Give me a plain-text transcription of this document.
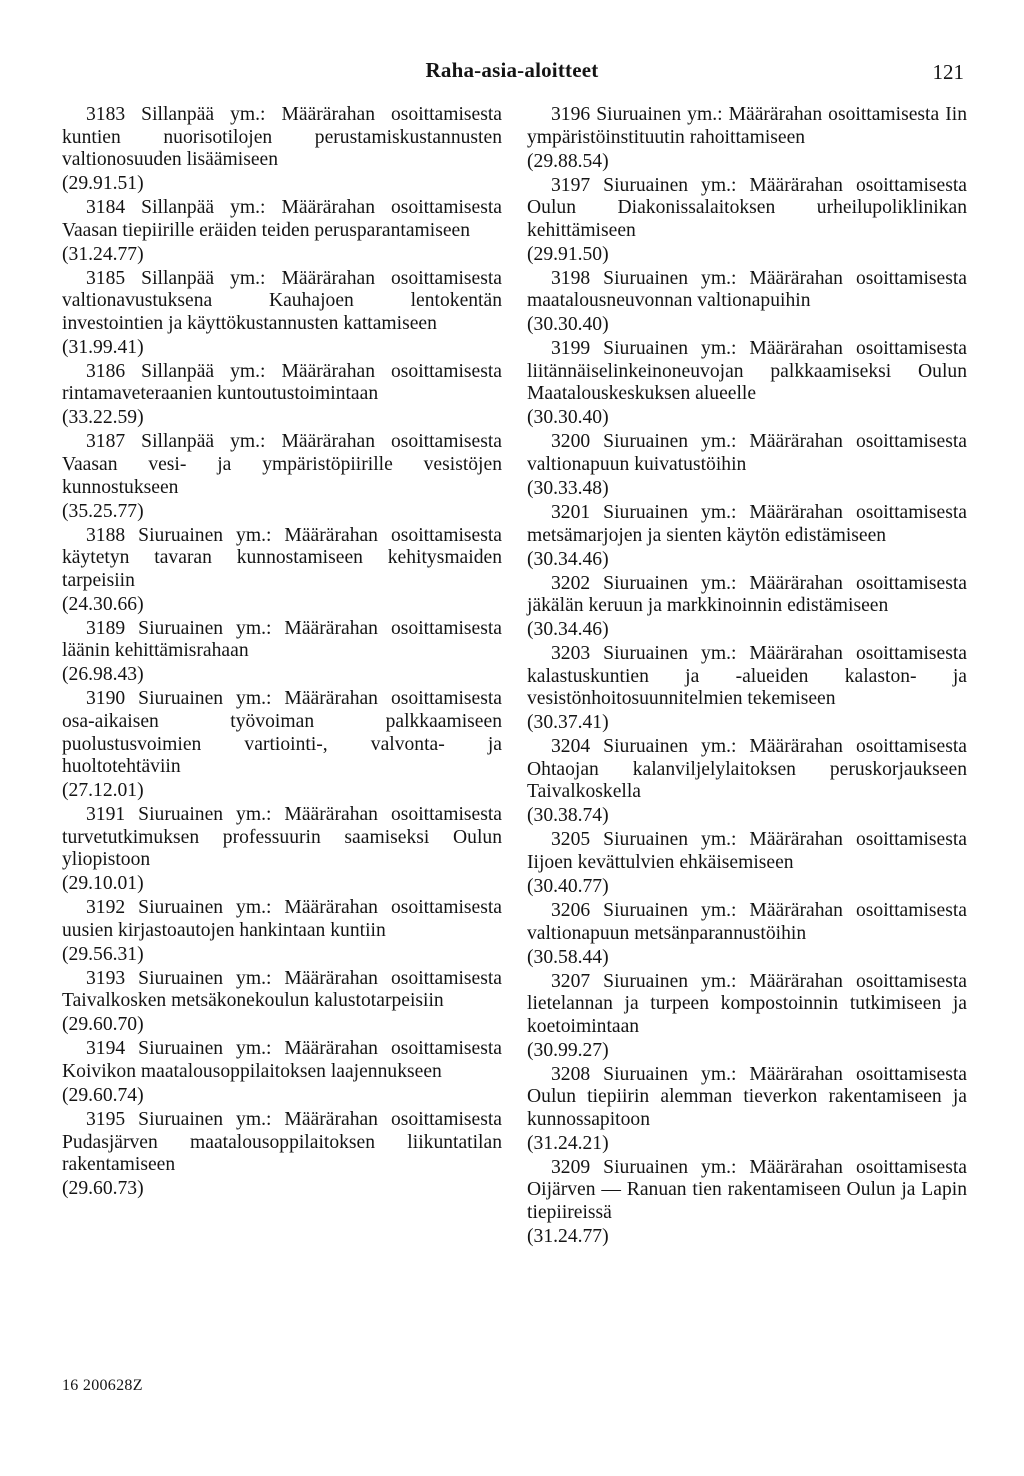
Raha-asia-aloitteet	121

3183 Sillanpää ym.: Määrärahan osoittamisesta kuntien nuorisotilojen perustamiskustannusten valtionosuuden lisäämiseen

(29.91.51)

3184 Sillanpää ym.: Määrärahan osoittamisesta Vaasan tiepiirille eräiden teiden perusparantamiseen

(31.24.77)

3185 Sillanpää ym.: Määrärahan osoittamisesta valtionavustuksena Kauhajoen lentokentän investointien ja käyttökustannusten kattamiseen

(31.99.41)

3186 Sillanpää ym.: Määrärahan osoittamisesta rintamaveteraanien kuntoutustoimintaan

(33.22.59)

3187 Sillanpää ym.: Määrärahan osoittamisesta Vaasan vesi- ja ympäristöpiirille vesistöjen kunnostukseen

(35.25.77)

3188 Siuruainen ym.: Määrärahan osoittamisesta käytetyn tavaran kunnostamiseen kehitysmaiden tarpeisiin

(24.30.66)

3189 Siuruainen ym.: Määrärahan osoittamisesta läänin kehittämisrahaan

(26.98.43)

3190 Siuruainen ym.: Määrärahan osoittamisesta osa-aikaisen työvoiman palkkaamiseen puolustusvoimien vartiointi-, valvonta- ja huoltotehtäviin

(27.12.01)

3191 Siuruainen ym.: Määrärahan osoittamisesta turvetutkimuksen professuurin saamiseksi Oulun yliopistoon

(29.10.01)

3192 Siuruainen ym.: Määrärahan osoittamisesta uusien kirjastoautojen hankintaan kuntiin

(29.56.31)

3193 Siuruainen ym.: Määrärahan osoittamisesta Taivalkosken metsäkonekoulun kalustotarpeisiin

(29.60.70)

3194 Siuruainen ym.: Määrärahan osoittamisesta Koivikon maatalousoppilaitoksen laajennukseen

(29.60.74)

3195 Siuruainen ym.: Määrärahan osoittamisesta Pudasjärven maatalousoppilaitoksen liikuntatilan rakentamiseen

(29.60.73)

3196 Siuruainen ym.: Määrärahan osoittamisesta Iin ympäristöinstituutin rahoittamiseen

(29.88.54)

3197 Siuruainen ym.: Määrärahan osoittamisesta Oulun Diakonissalaitoksen urheilupoliklinikan kehittämiseen

(29.91.50)

3198 Siuruainen ym.: Määrärahan osoittamisesta maatalousneuvonnan valtionapuihin

(30.30.40)

3199 Siuruainen ym.: Määrärahan osoittamisesta liitännäiselinkeinoneuvojan palkkaamiseksi Oulun Maatalouskeskuksen alueelle

(30.30.40)

3200 Siuruainen ym.: Määrärahan osoittamisesta valtionapuun kuivatustöihin

(30.33.48)

3201 Siuruainen ym.: Määrärahan osoittamisesta metsämarjojen ja sienten käytön edistämiseen

(30.34.46)

3202 Siuruainen ym.: Määrärahan osoittamisesta jäkälän keruun ja markkinoinnin edistämiseen

(30.34.46)

3203 Siuruainen ym.: Määrärahan osoittamisesta kalastuskuntien ja -alueiden kalaston- ja vesistönhoitosuunnitelmien tekemiseen

(30.37.41)

3204 Siuruainen ym.: Määrärahan osoittamisesta Ohtaojan kalanviljelylaitoksen peruskorjaukseen Taivalkoskella

(30.38.74)

3205 Siuruainen ym.: Määrärahan osoittamisesta Iijoen kevättulvien ehkäisemiseen

(30.40.77)

3206 Siuruainen ym.: Määrärahan osoittamisesta valtionapuun metsänparannustöihin

(30.58.44)

3207 Siuruainen ym.: Määrärahan osoittamisesta lietelannan ja turpeen kompostoinnin tutkimiseen ja koetoimintaan

(30.99.27)

3208 Siuruainen ym.: Määrärahan osoittamisesta Oulun tiepiirin alemman tieverkon rakentamiseen ja kunnossapitoon

(31.24.21)

3209 Siuruainen ym.: Määrärahan osoittamisesta Oijärven — Ranuan tien rakentamiseen Oulun ja Lapin tiepiireissä

(31.24.77)

16 200628Z
